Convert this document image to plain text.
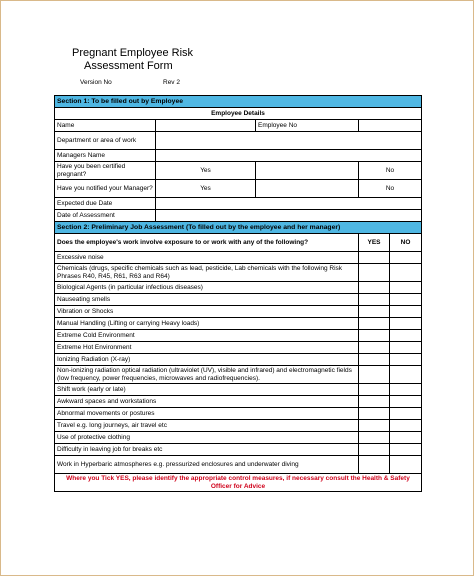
Pregnant Employee Risk
Assessment Form
Version No	Rev 2
Section 1: To be filled out by Employee				
Employee Details				
Name		Employee No		
Department or area of work				
Managers Name				
Have you been certified pregnant?	Yes		No	
Have you notified your Manager?	Yes		No	
Expected due Date				
Date of Assessment				
Section 2: Preliminary Job Assessment (To filled out by the employee and her manager)				
Does the employee's work involve exposure to or work with any of the following?			YES	NO
Excessive noise				
Chemicals (drugs, specific chemicals such as lead, pesticide, Lab chemicals with the following Risk Phrases R40, R45, R61, R63 and R64)				
Biological Agents (in particular infectious diseases)				
Nauseating smells				
Vibration or Shocks				
Manual Handling (Lifting or carrying Heavy loads)				
Extreme Cold Environment				
Extreme Hot Environment				
Ionizing Radiation (X-ray)				
Non-ionizing radiation optical radiation (ultraviolet (UV), visible and infrared) and electromagnetic fields (low frequency, power frequencies, microwaves and radiofrequencies).				
Shift work (early or late)				
Awkward spaces and workstations				
Abnormal movements or postures				
Travel e.g. long journeys, air travel etc				
Use of protective clothing				
Difficulty in leaving job for breaks etc				
Work in Hyperbaric atmospheres e.g. pressurized enclosures and underwater diving				
Where you Tick YES, please identify the appropriate control measures, if necessary consult the Health & Safety Officer for Advice				
